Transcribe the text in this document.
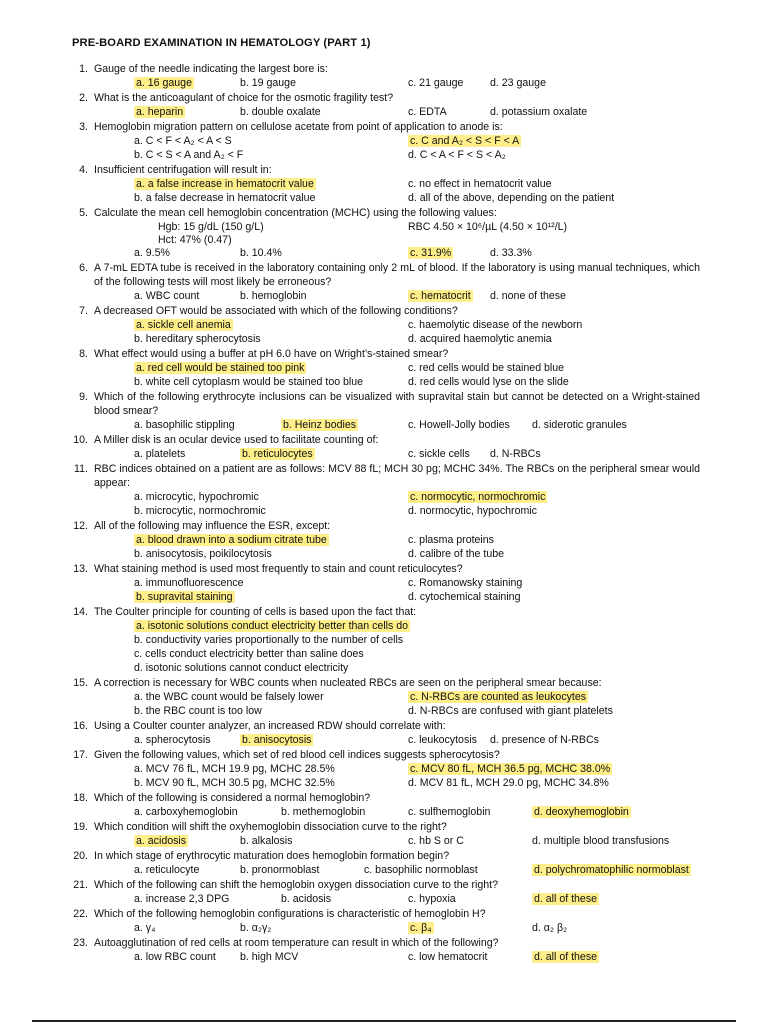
PRE-BOARD EXAMINATION IN HEMATOLOGY (PART 1)
1. Gauge of the needle indicating the largest bore is:
a. 16 gauge	b. 19 gauge	c. 21 gauge	d. 23 gauge
2. What is the anticoagulant of choice for the osmotic fragility test?
a. heparin	b. double oxalate	c. EDTA	d. potassium oxalate
3. Hemoglobin migration pattern on cellulose acetate from point of application to anode is:
a. C < F < A₂ < A < S	c. C and A₂ < S < F < A
b. C < S < A and A₂ < F	d. C < A < F < S < A₂
4. Insufficient centrifugation will result in:
a. a false increase in hematocrit value	c. no effect in hematocrit value
b. a false decrease in hematocrit value	d. all of the above, depending on the patient
5. Calculate the mean cell hemoglobin concentration (MCHC) using the following values:
Hgb: 15 g/dL (150 g/L)	RBC 4.50 × 10⁶/µL (4.50 × 10¹²/L)
Hct: 47% (0.47)
a. 9.5%	b. 10.4%	c. 31.9%	d. 33.3%
6. A 7-mL EDTA tube is received in the laboratory containing only 2 mL of blood. If the laboratory is using manual techniques, which of the following tests will most likely be erroneous?
a. WBC count	b. hemoglobin	c. hematocrit d. none of these
7. A decreased OFT would be associated with which of the following conditions?
a. sickle cell anemia	c. haemolytic disease of the newborn
b. hereditary spherocytosis	d. acquired haemolytic anemia
8. What effect would using a buffer at pH 6.0 have on Wright’s-stained smear?
a. red cell would be stained too pink	c. red cells would be stained blue
b. white cell cytoplasm would be stained too blue	d. red cells would lyse on the slide
9. Which of the following erythrocyte inclusions can be visualized with supravital stain but cannot be detected on a Wright-stained blood smear?
a. basophilic stippling	b. Heinz bodies	c. Howell-Jolly bodies d. siderotic granules
10. A Miller disk is an ocular device used to facilitate counting of:
a. platelets	b. reticulocytes	c. sickle cells d. N-RBCs
11. RBC indices obtained on a patient are as follows: MCV 88 fL; MCH 30 pg; MCHC 34%. The RBCs on the peripheral smear would appear:
a. microcytic, hypochromic	c. normocytic, normochromic
b. microcytic, normochromic	d. normocytic, hypochromic
12. All of the following may influence the ESR, except:
a. blood drawn into a sodium citrate tube	c. plasma proteins
b. anisocytosis, poikilocytosis	d. calibre of the tube
13. What staining method is used most frequently to stain and count reticulocytes?
a. immunofluorescence	c. Romanowsky staining
b. supravital staining	d. cytochemical staining
14. The Coulter principle for counting of cells is based upon the fact that:
a. isotonic solutions conduct electricity better than cells do
b. conductivity varies proportionally to the number of cells
c. cells conduct electricity better than saline does
d. isotonic solutions cannot conduct electricity
15. A correction is necessary for WBC counts when nucleated RBCs are seen on the peripheral smear because:
a. the WBC count would be falsely lower	c. N-RBCs are counted as leukocytes
b. the RBC count is too low	d. N-RBCs are confused with giant platelets
16. Using a Coulter counter analyzer, an increased RDW should correlate with:
a. spherocytosis	b. anisocytosis	c. leukocytosis d. presence of N-RBCs
17. Given the following values, which set of red blood cell indices suggests spherocytosis?
a. MCV 76 fL, MCH 19.9 pg, MCHC 28.5%	c. MCV 80 fL, MCH 36.5 pg, MCHC 38.0%
b. MCV 90 fL, MCH 30.5 pg, MCHC 32.5%	d. MCV 81 fL, MCH 29.0 pg, MCHC 34.8%
18. Which of the following is considered a normal hemoglobin?
a. carboxyhemoglobin	b. methemoglobin	c. sulfhemoglobin	d. deoxyhemoglobin
19. Which condition will shift the oxyhemoglobin dissociation curve to the right?
a. acidosis	b. alkalosis	c. hb S or C	d. multiple blood transfusions
20. In which stage of erythrocytic maturation does hemoglobin formation begin?
a. reticulocyte	b. pronormoblast	c. basophilic normoblast	d. polychromatophilic normoblast
21. Which of the following can shift the hemoglobin oxygen dissociation curve to the right?
a. increase 2,3 DPG	b. acidosis	c. hypoxia	d. all of these
22. Which of the following hemoglobin configurations is characteristic of hemoglobin H?
a. γ₄	b. α₂γ₂	c. β₄	d. α₂ β₂
23. Autoagglutination of red cells at room temperature can result in which of the following?
a. low RBC count b. high MCV	c. low hematocrit	d. all of these
